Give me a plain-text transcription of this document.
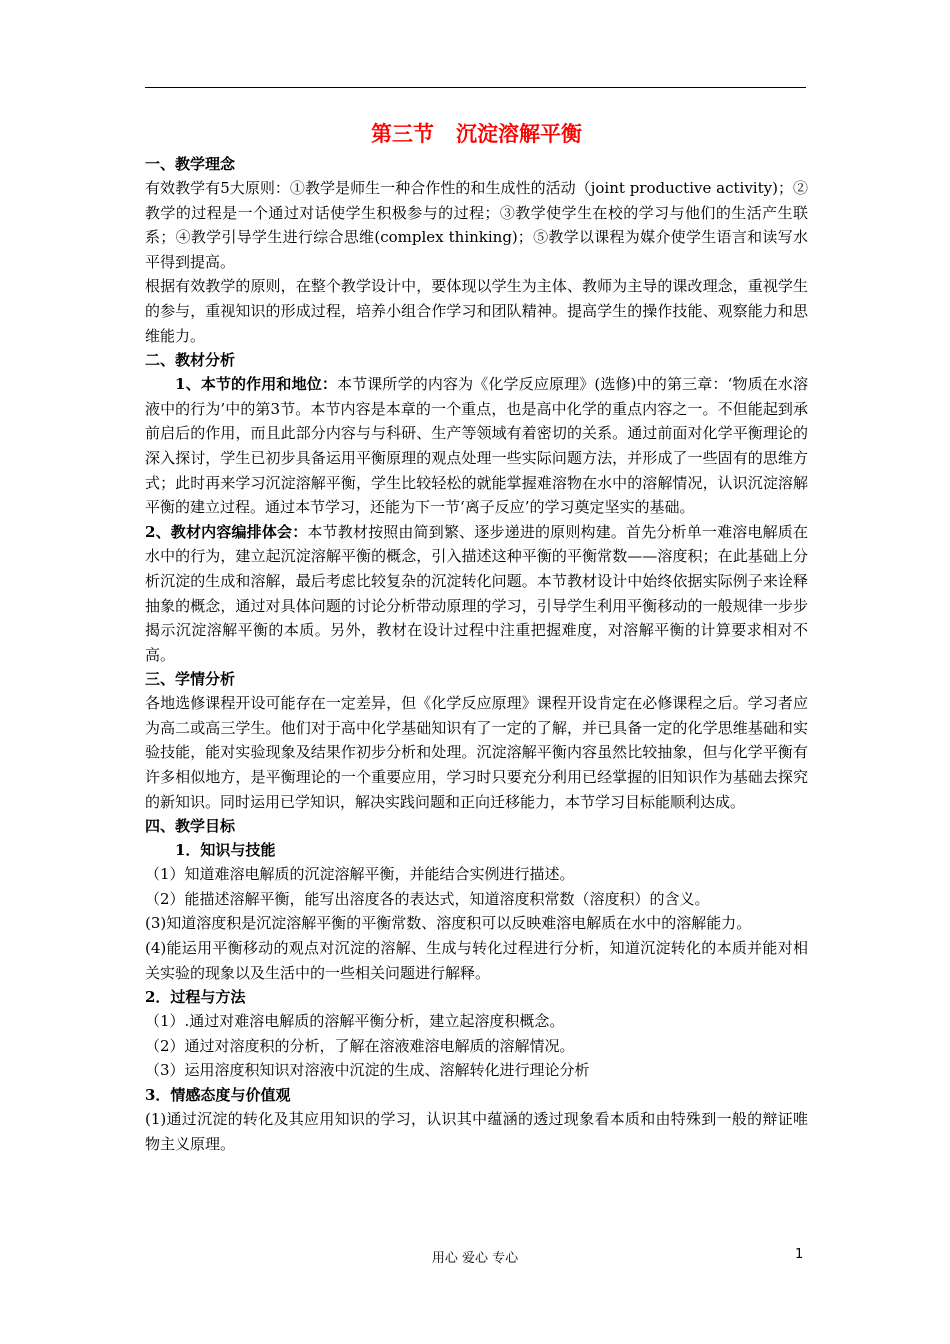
第三节   沉淀溶解平衡
一、教学理念
有效教学有5大原则：①教学是师生一种合作性的和生成性的活动（joint productive activity)；②教学的过程是一个通过对话使学生积极参与的过程；③教学使学生在校的学习与他们的生活产生联系；④教学引导学生进行综合思维(complex thinking)；⑤教学以课程为媒介使学生语言和读写水平得到提高。
根据有效教学的原则，在整个教学设计中，要体现以学生为主体、教师为主导的课改理念，重视学生的参与，重视知识的形成过程，培养小组合作学习和团队精神。提高学生的操作技能、观察能力和思维能力。
二、教材分析
1、本节的作用和地位：本节课所学的内容为《化学反应原理》(选修)中的第三章：‘物质在水溶液中的行为’中的第3节。本节内容是本章的一个重点，也是高中化学的重点内容之一。不但能起到承前启后的作用，而且此部分内容与与科研、生产等领域有着密切的关系。通过前面对化学平衡理论的深入探讨，学生已初步具备运用平衡原理的观点处理一些实际问题方法，并形成了一些固有的思维方式；此时再来学习沉淀溶解平衡，学生比较轻松的就能掌握难溶物在水中的溶解情况，认识沉淀溶解平衡的建立过程。通过本节学习，还能为下一节‘离子反应’的学习奠定坚实的基础。
2、教材内容编排体会：本节教材按照由简到繁、逐步递进的原则构建。首先分析单一难溶电解质在水中的行为，建立起沉淀溶解平衡的概念，引入描述这种平衡的平衡常数——溶度积；在此基础上分析沉淀的生成和溶解，最后考虑比较复杂的沉淀转化问题。本节教材设计中始终依据实际例子来诠释抽象的概念，通过对具体问题的讨论分析带动原理的学习，引导学生利用平衡移动的一般规律一步步揭示沉淀溶解平衡的本质。另外，教材在设计过程中注重把握难度，对溶解平衡的计算要求相对不高。
三、学情分析
各地选修课程开设可能存在一定差异，但《化学反应原理》课程开设肯定在必修课程之后。学习者应为高二或高三学生。他们对于高中化学基础知识有了一定的了解，并已具备一定的化学思维基础和实验技能，能对实验现象及结果作初步分析和处理。沉淀溶解平衡内容虽然比较抽象，但与化学平衡有许多相似地方，是平衡理论的一个重要应用，学习时只要充分利用已经掌握的旧知识作为基础去探究的新知识。同时运用已学知识，解决实践问题和正向迁移能力，本节学习目标能顺利达成。
四、教学目标
1．知识与技能
（1）知道难溶电解质的沉淀溶解平衡，并能结合实例进行描述。
（2）能描述溶解平衡，能写出溶度各的表达式，知道溶度积常数（溶度积）的含义。
(3)知道溶度积是沉淀溶解平衡的平衡常数、溶度积可以反映难溶电解质在水中的溶解能力。
(4)能运用平衡移动的观点对沉淀的溶解、生成与转化过程进行分析，知道沉淀转化的本质并能对相关实验的现象以及生活中的一些相关问题进行解释。
2．过程与方法
（1）.通过对难溶电解质的溶解平衡分析，建立起溶度积概念。
（2）通过对溶度积的分析，了解在溶液难溶电解质的溶解情况。
（3）运用溶度积知识对溶液中沉淀的生成、溶解转化进行理论分析
3．情感态度与价值观
(1)通过沉淀的转化及其应用知识的学习，认识其中蕴涵的透过现象看本质和由特殊到一般的辩证唯物主义原理。
用心 爱心 专心	1
